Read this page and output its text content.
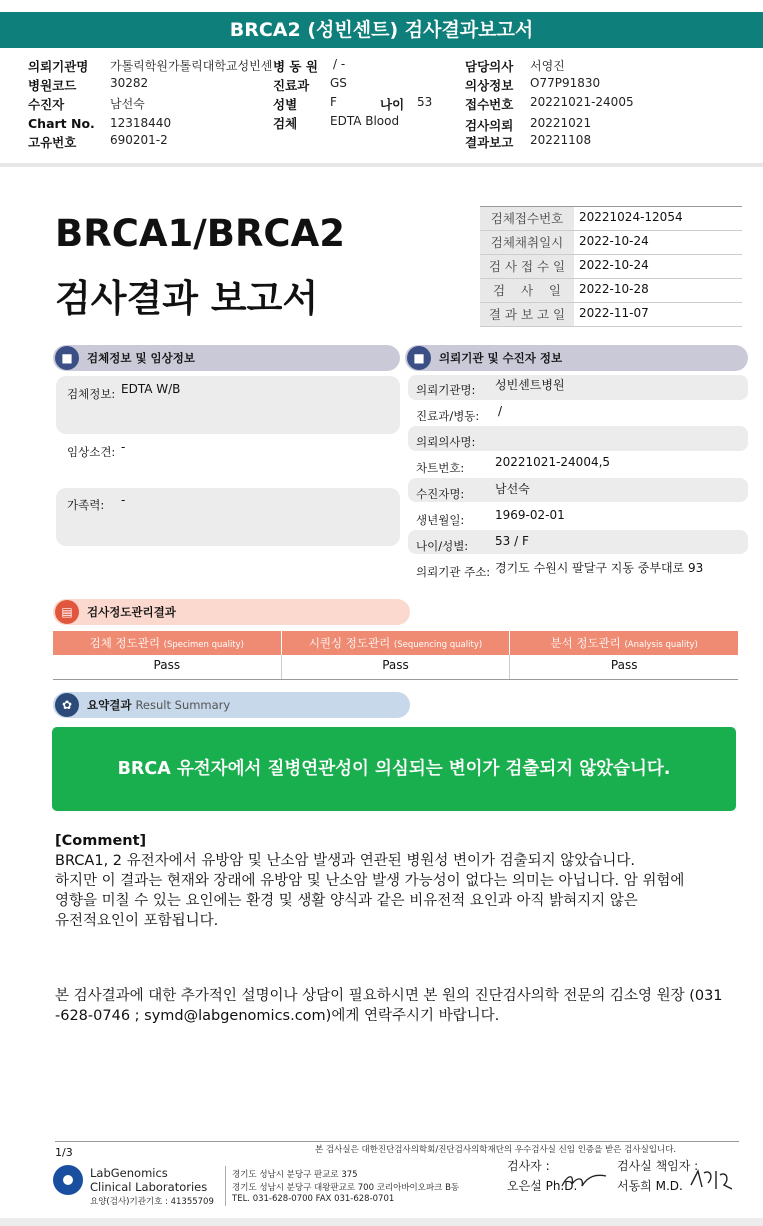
BRCA2 (성빈센트) 검사결과보고서
의뢰기관명 가톨릭학원가톨릭대학교성빈센
병원코드	30282
수진자	남선숙
Chart No. 12318440
고유번호	690201-2
병 동 원 / -
진료과 GS
성별	F	나이 53
검체	EDTA Blood
담당의사 서영진
의상정보 O77P91830
접수번호 20221021-24005
검사의뢰 20221021
결과보고 20221108
BRCA1/BRCA2
검사결과 보고서
검체접수번호	20221024-12054
검체채취일시	2022-10-24
검 사 접 수 일	2022-10-24
검    사    일	2022-10-28
결 과 보 고 일	2022-11-07
■	검체정보 및 임상정보
검체정보: EDTA W/B
임상소견: -
가족력: -
■	의뢰기관 및 수진자 정보
의뢰기관명: 성빈센트병원
진료과/병동: /
의뢰의사명:
차트번호:	20221021-24004,5
수진자명:	남선숙
생년월일:	1969-02-01
나이/성별: 53 / F
의뢰기관 주소: 경기도 수원시 팔달구 지동 중부대로 93
▤	검사정도관리결과
검체 정도관리 (Specimen quality)	시퀀싱 정도관리 (Sequencing quality)	분석 정도관리 (Analysis quality)
Pass	Pass	Pass
✿	요약결과 Result Summary
BRCA 유전자에서 질병연관성이 의심되는 변이가 검출되지 않았습니다.
[Comment]
BRCA1, 2 유전자에서 유방암 및 난소암 발생과 연관된 병원성 변이가 검출되지 않았습니다.
하지만 이 결과는 현재와 장래에 유방암 및 난소암 발생 가능성이 없다는 의미는 아닙니다. 암 위험에
영향을 미칠 수 있는 요인에는 환경 및 생활 양식과 같은 비유전적 요인과 아직 밝혀지지 않은
유전적요인이 포함됩니다.
본 검사결과에 대한 추가적인 설명이나 상담이 필요하시면 본 원의 진단검사의학 전문의 김소영 원장 (031
-628-0746 ; symd@labgenomics.com)에게 연락주시기 바랍니다.
1/3	본 검사실은 대한진단검사의학회/진단검사의학재단의 우수검사실 신임 인증을 받은 검사실입니다.
LabGenomics
Clinical Laboratories
요양(검사)기관기호 : 41355709
경기도 성남시 분당구 판교로 375
경기도 성남시 분당구 대왕판교로 700 코리아바이오파크 B동
TEL. 031-628-0700 FAX 031-628-0701
검사자 :
오은설 Ph.D.
검사실 책임자 :
서동희 M.D.
